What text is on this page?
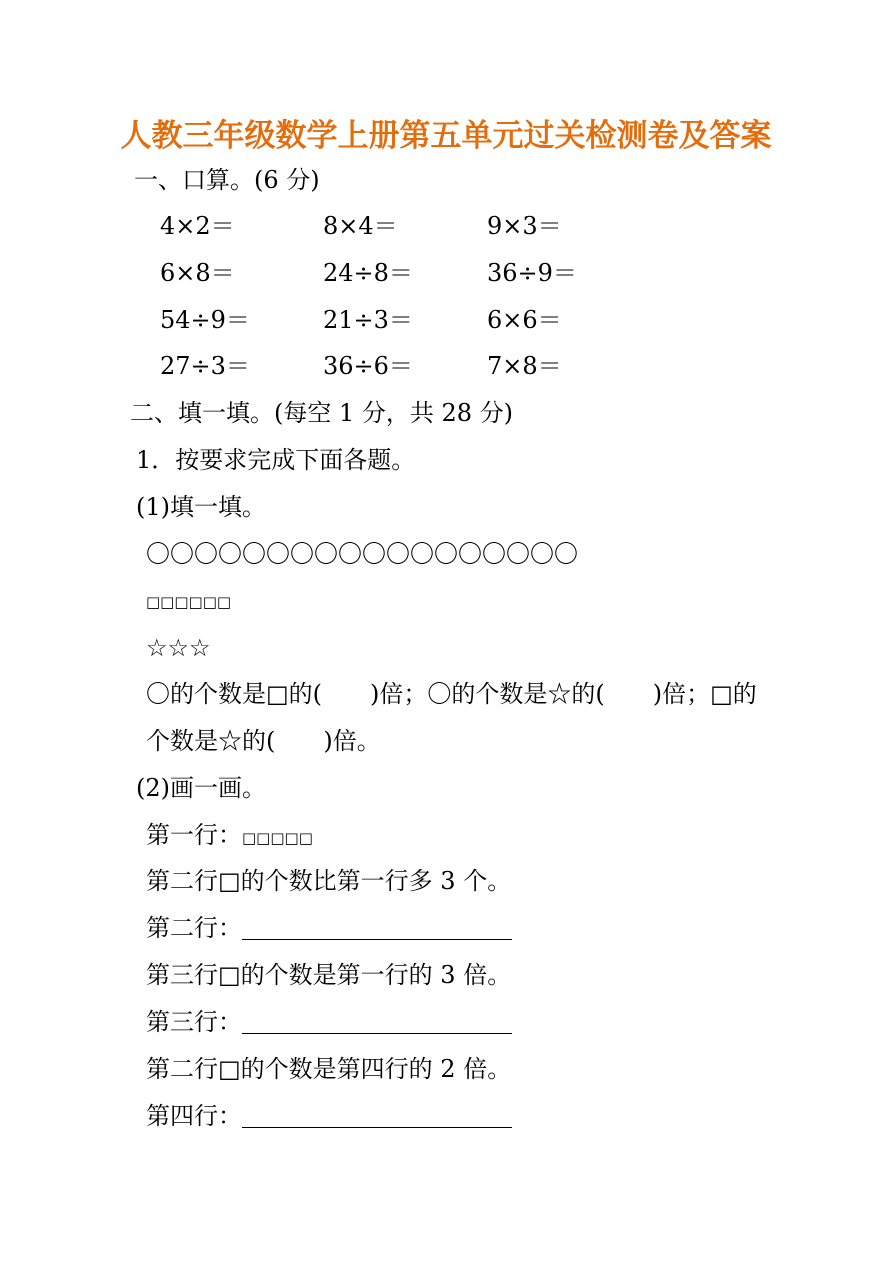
人教三年级数学上册第五单元过关检测卷及答案
一、口算。(6 分)
4×2＝	8×4＝	9×3＝
6×8＝	24÷8＝	36÷9＝
54÷9＝	21÷3＝	6×6＝
27÷3＝	36÷6＝	7×8＝
二、填一填。(每空 1 分，共 28 分)
1．按要求完成下面各题。
(1)填一填。
〇〇〇〇〇〇〇〇〇〇〇〇〇〇〇〇〇〇
□□□□□□
☆☆☆
〇的个数是□的(　　)倍；〇的个数是☆的(　　)倍；□的
个数是☆的(　　)倍。
(2)画一画。
第一行：□□□□□
第二行□的个数比第一行多 3 个。
第二行：
第三行□的个数是第一行的 3 倍。
第三行：
第二行□的个数是第四行的 2 倍。
第四行：
